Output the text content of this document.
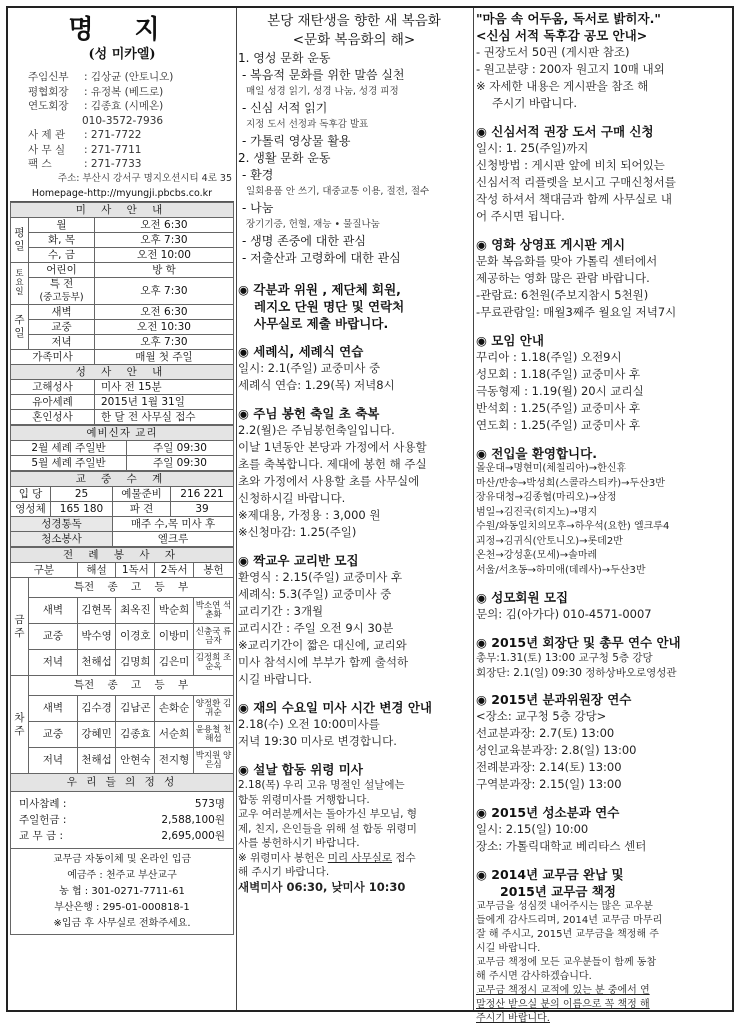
명 지
(성 미카엘)
주임신부	: 김상균 (안토니오)
평협회장	: 유정복 (베드로)
연도회장	: 김종효 (시메온)
010-3572-7936
사 제 관	: 271-7722
사 무 실	: 271-7711
팩 스	: 271-7733
주소: 부산시 강서구 명지오션시티 4로 35
Homepage-http://myungji.pbcbs.co.kr
미 사 안 내		
평일	월	오전 6:30
	화, 목	오후 7:30
	수, 금	오전 10:00
토요일	어린이	방 학

	특 전
(중고등부)	오후 7:30
주일	새벽	오전 6:30
	교중	오전 10:30
	저녁	오후 7:30
가족미사		매월 첫 주일
성 사 안 내		
고해성사		미사 전 15분
유아세례		2015년 1월 31일
혼인성사		한 달 전 사무실 접수
예비신자 교리	
2월 세례 주일반	주일 09:30
5월 세례 주일반	주일 09:30
교 중 수 계			
입 당	25	예물준비	216 221
영성체	165 180	파 견	39
성경통독		매주 수,목 미사 후	
청소봉사		엘크루	
전 례 봉 사 자					
구분		해설	1독서	2독서	봉헌
금 주	특전 종 고 등 부				
	새벽	김현목	최옥진	박순희	박소연 석춘화
	교중	박수영	이경호	이방미	신충국 류금자
	저녁	천해섭	김명희	김은미	김정희 조순옥
차 주	특전 종 고 등 부				
	새벽	김수경	김남곤	손화순	양정환 김귀순
	교중	강혜민	김종효	서순희	윤용철 천해섭
	저녁	천해섭	안현숙	전지형	박지원 양은심
우 리 들 의 정 성					
미사참례 :	573명
주일헌금 :	2,588,100원
교 무 금 :	2,695,000원
교무금 자동이체 및 온라인 입금
예금주 : 천주교 부산교구
농 협 : 301-0271-7711-61
부산은행 : 295-01-000818-1
※입금 후 사무실로 전화주세요.
본당 재탄생을 향한 새 복음화
<문화 복음화의 해>
1. 영성 문화 운동
- 복음적 문화를 위한 말씀 실천
매일 성경 읽기, 성경 나눔, 성경 피정
- 신심 서적 읽기
지정 도서 선정과 독후감 발표
- 가톨릭 영상물 활용
2. 생활 문화 운동
- 환경
일회용품 안 쓰기, 대중교통 이용, 절전, 절수
- 나눔
장기기증, 헌혈, 재능 • 물질나눔
- 생명 존중에 대한 관심
- 저출산과 고령화에 대한 관심
◉ 각분과 위원 , 제단체 회원,
레지오 단원 명단 및 연락처
사무실로 제출 바랍니다.
◉ 세례식, 세례식 연습
일시: 2.1(주일) 교중미사 중
세례식 연습: 1.29(목) 저녁8시
◉ 주님 봉헌 축일 초 축복
2.2(월)은 주님봉헌축일입니다.
이날 1년동안 본당과 가정에서 사용할
초를 축복합니다. 제대에 봉헌 해 주실
초와 가정에서 사용할 초를 사무실에
신청하시길 바랍니다.
※제대용, 가정용 : 3,000 원
※신청마감: 1.25(주일)
◉ 짝교우 교리반 모집
환영식 : 2.15(주일) 교중미사 후
세례식: 5.3(주일) 교중미사 중
교리기간 : 3개월
교리시간 : 주일 오전 9시 30분
※교리기간이 짧은 대신에, 교리와
미사 참석시에 부부가 함께 출석하
시길 바랍니다.
◉ 재의 수요일 미사 시간 변경 안내
2.18(수) 오전 10:00미사를
저녁 19:30 미사로 변경합니다.
◉ 설날 합동 위령 미사
2.18(목) 우리 고유 명절인 설날에는
합동 위령미사를 거행합니다.
교우 여러분께서는 돌아가신 부모님, 형
제, 친지, 은인들을 위해 설 합동 위령미
사를 봉헌하시기 바랍니다.
※ 위령미사 봉헌은 미리 사무실로 접수
해 주시기 바랍니다.
새벽미사 06:30, 낮미사 10:30
"마음 속 어두움, 독서로 밝히자."
<신심 서적 독후감 공모 안내>
- 권장도서 50권 (게시판 참조)
- 원고분량 : 200자 원고지 10매 내외
※ 자세한 내용은 게시판을 참조 해
주시기 바랍니다.
◉ 신심서적 권장 도서 구매 신청
일시: 1. 25(주일)까지
신청방법 : 게시판 앞에 비치 되어있는
신심서적 리플렛을 보시고 구매신청서를
작성 하셔서 책대금과 함께 사무실로 내
어 주시면 됩니다.
◉ 영화 상영표 게시판 게시
문화 복음화를 맞아 가톨릭 센터에서
제공하는 영화 많은 관람 바랍니다.
-관람료: 6천원(주보지참시 5천원)
-무료관람일: 매월3째주 월요일 저녁7시
◉ 모임 안내
꾸리아 : 1.18(주일) 오전9시
성모회 : 1.18(주일) 교중미사 후
극동형제 : 1.19(월) 20시 교리실
반석회 : 1.25(주일) 교중미사 후
연도회 : 1.25(주일) 교중미사 후
◉ 전입을 환영합니다.
몰운대→명현미(체칠리아)→한신휴
마산/반송→박성희(스콜라스티카)→두산3반
장유대청→김종협(마리오)→삼정
범일→김진국(히지노)→명지
수원/와동일치의모후→하우석(요한) 엘크루4
괴정→김귀식(안토니오)→롯데2반
온천→강성훈(모세)→솔마레
서울/서초동→하미애(데레사)→두산3반
◉ 성모회원 모집
문의: 김(아가다) 010-4571-0007
◉ 2015년 회장단 및 총무 연수 안내
총무:1.31(토) 13:00 교구청 5층 강당
회장단: 2.1(일) 09:30 정하상바오로영성관
◉ 2015년 분과위원장 연수
<장소: 교구청 5층 강당>
선교분과장: 2.7(토) 13:00
성인교육분과장: 2.8(일) 13:00
전례분과장: 2.14(토) 13:00
구역분과장: 2.15(일) 13:00
◉ 2015년 성소분과 연수
일시: 2.15(일) 10:00
장소: 가톨릭대학교 베리타스 센터
◉ 2014년 교무금 완납 및
2015년 교무금 책정
교무금을 성심껏 내어주시는 많은 교우분
들에게 감사드리며, 2014년 교무금 마무리
잘 해 주시고, 2015년 교무금을 책정해 주
시길 바랍니다.
교무금 책정에 모든 교우분들이 함께 동참
해 주시면 감사하겠습니다.
교무금 책정시 교적에 있는 분 중에서 연
말정산 받으실 분의 이름으로 꼭 책정 해
주시기 바랍니다.
